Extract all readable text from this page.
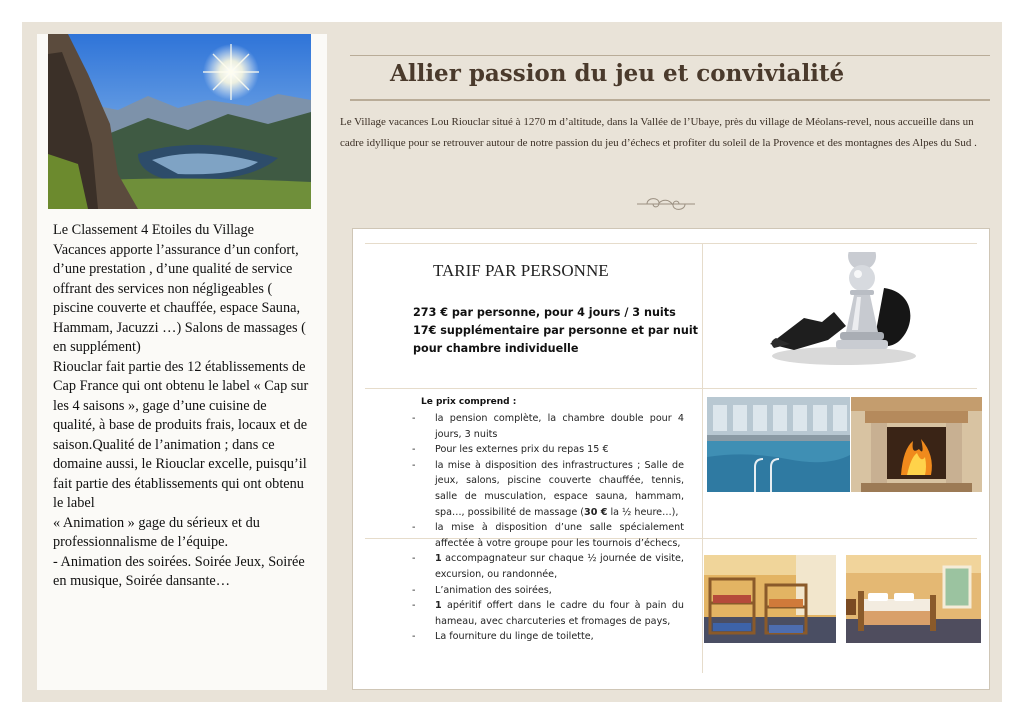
Le Classement 4 Etoiles du Village Vacances apporte l’assurance d’un confort, d’une prestation , d’une qualité de service offrant des services non négligeables ( piscine couverte et chauffée, espace Sauna, Hammam, Jacuzzi …) Salons de massages ( en supplément)

Riouclar fait partie des 12 établissements de Cap France qui ont obtenu le label « Cap sur les 4 saisons », gage d’une cuisine de qualité, à base de produits frais, locaux et de saison.Qualité de l’animation ; dans ce domaine aussi, le Riouclar excelle, puisqu’il fait partie des établissements qui ont obtenu le label

« Animation » gage du sérieux et du professionnalisme de l’équipe.

- Animation des soirées. Soirée Jeux, Soirée en musique, Soirée dansante…

Allier passion du jeu et convivialité
Le Village vacances Lou Riouclar situé à 1270 m d’altitude, dans la Vallée de l’Ubaye, près du village de Méolans-revel, nous accueille dans un cadre idyllique pour se retrouver autour de notre passion du jeu d’échecs et profiter du soleil de la Provence et des montagnes des Alpes du Sud .
TARIF PAR PERSONNE
273 € par personne, pour 4 jours / 3 nuits
17€ supplémentaire par personne et par nuit
pour chambre individuelle
Le prix comprend :
- la pension complète, la chambre double pour 4 jours, 3 nuits
- Pour les externes prix du repas 15 €
- la mise à disposition des infrastructures ; Salle de jeux, salons, piscine couverte chauffée, tennis, salle de musculation, espace sauna, hammam, spa…, possibilité de massage (30 € la ½ heure…),
- la mise à disposition d’une salle spécialement affectée à votre groupe pour les tournois d’échecs,
- 1 accompagnateur sur chaque ½ journée de visite, excursion, ou randonnée,
- L’animation des soirées,
- 1 apéritif offert dans le cadre du four à pain du hameau, avec charcuteries et fromages de pays,
- La fourniture du linge de toilette,
